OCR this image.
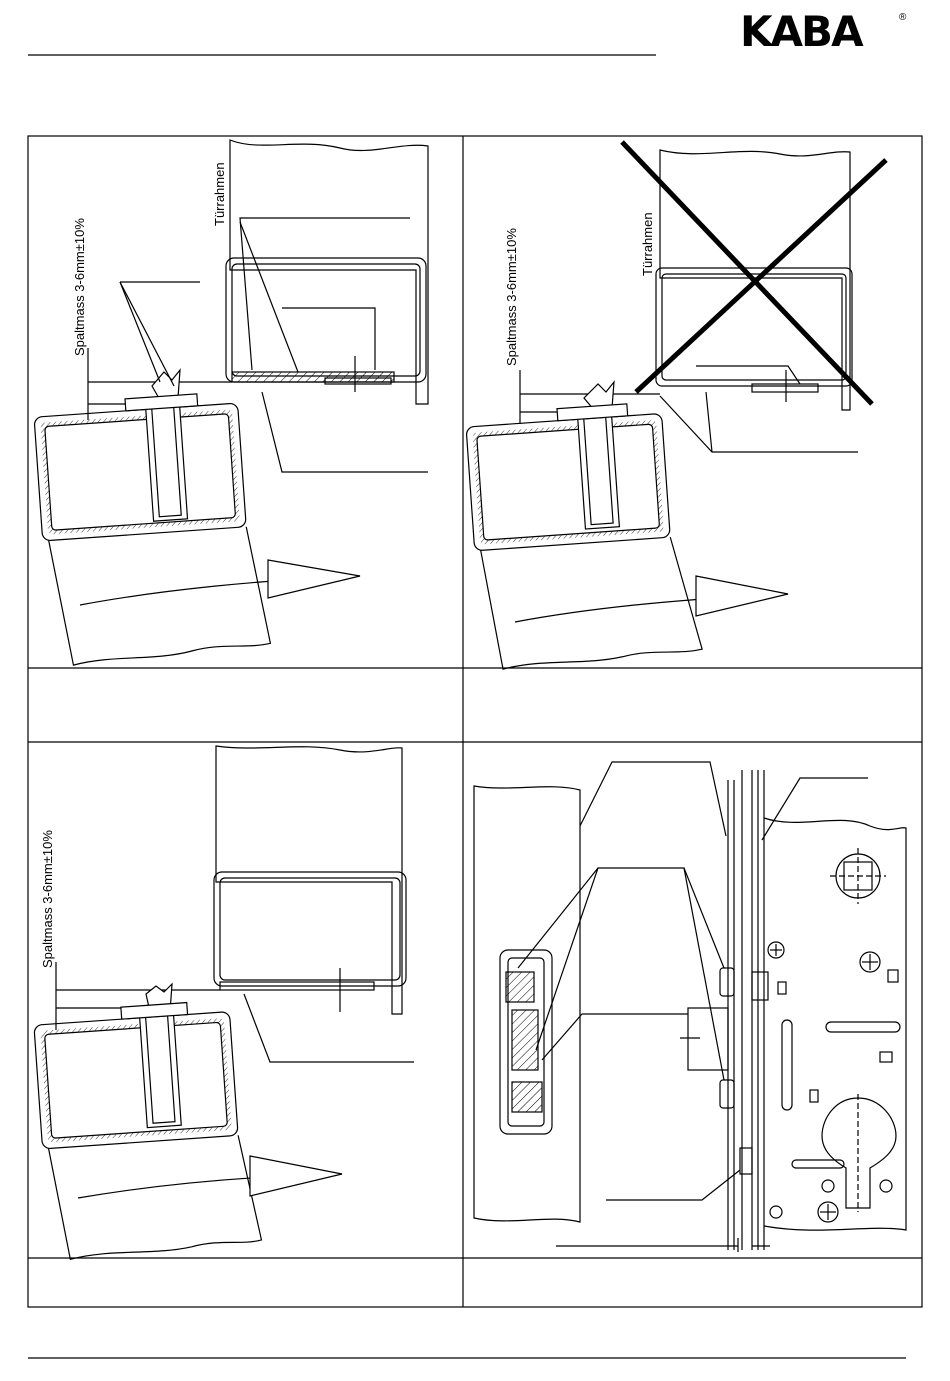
KABA	®
Türrahmen
Spaltmass 3-6mm±10%	Türrahmen
Spaltmass 3-6mm±10%
Spaltmass 3-6mm±10%
